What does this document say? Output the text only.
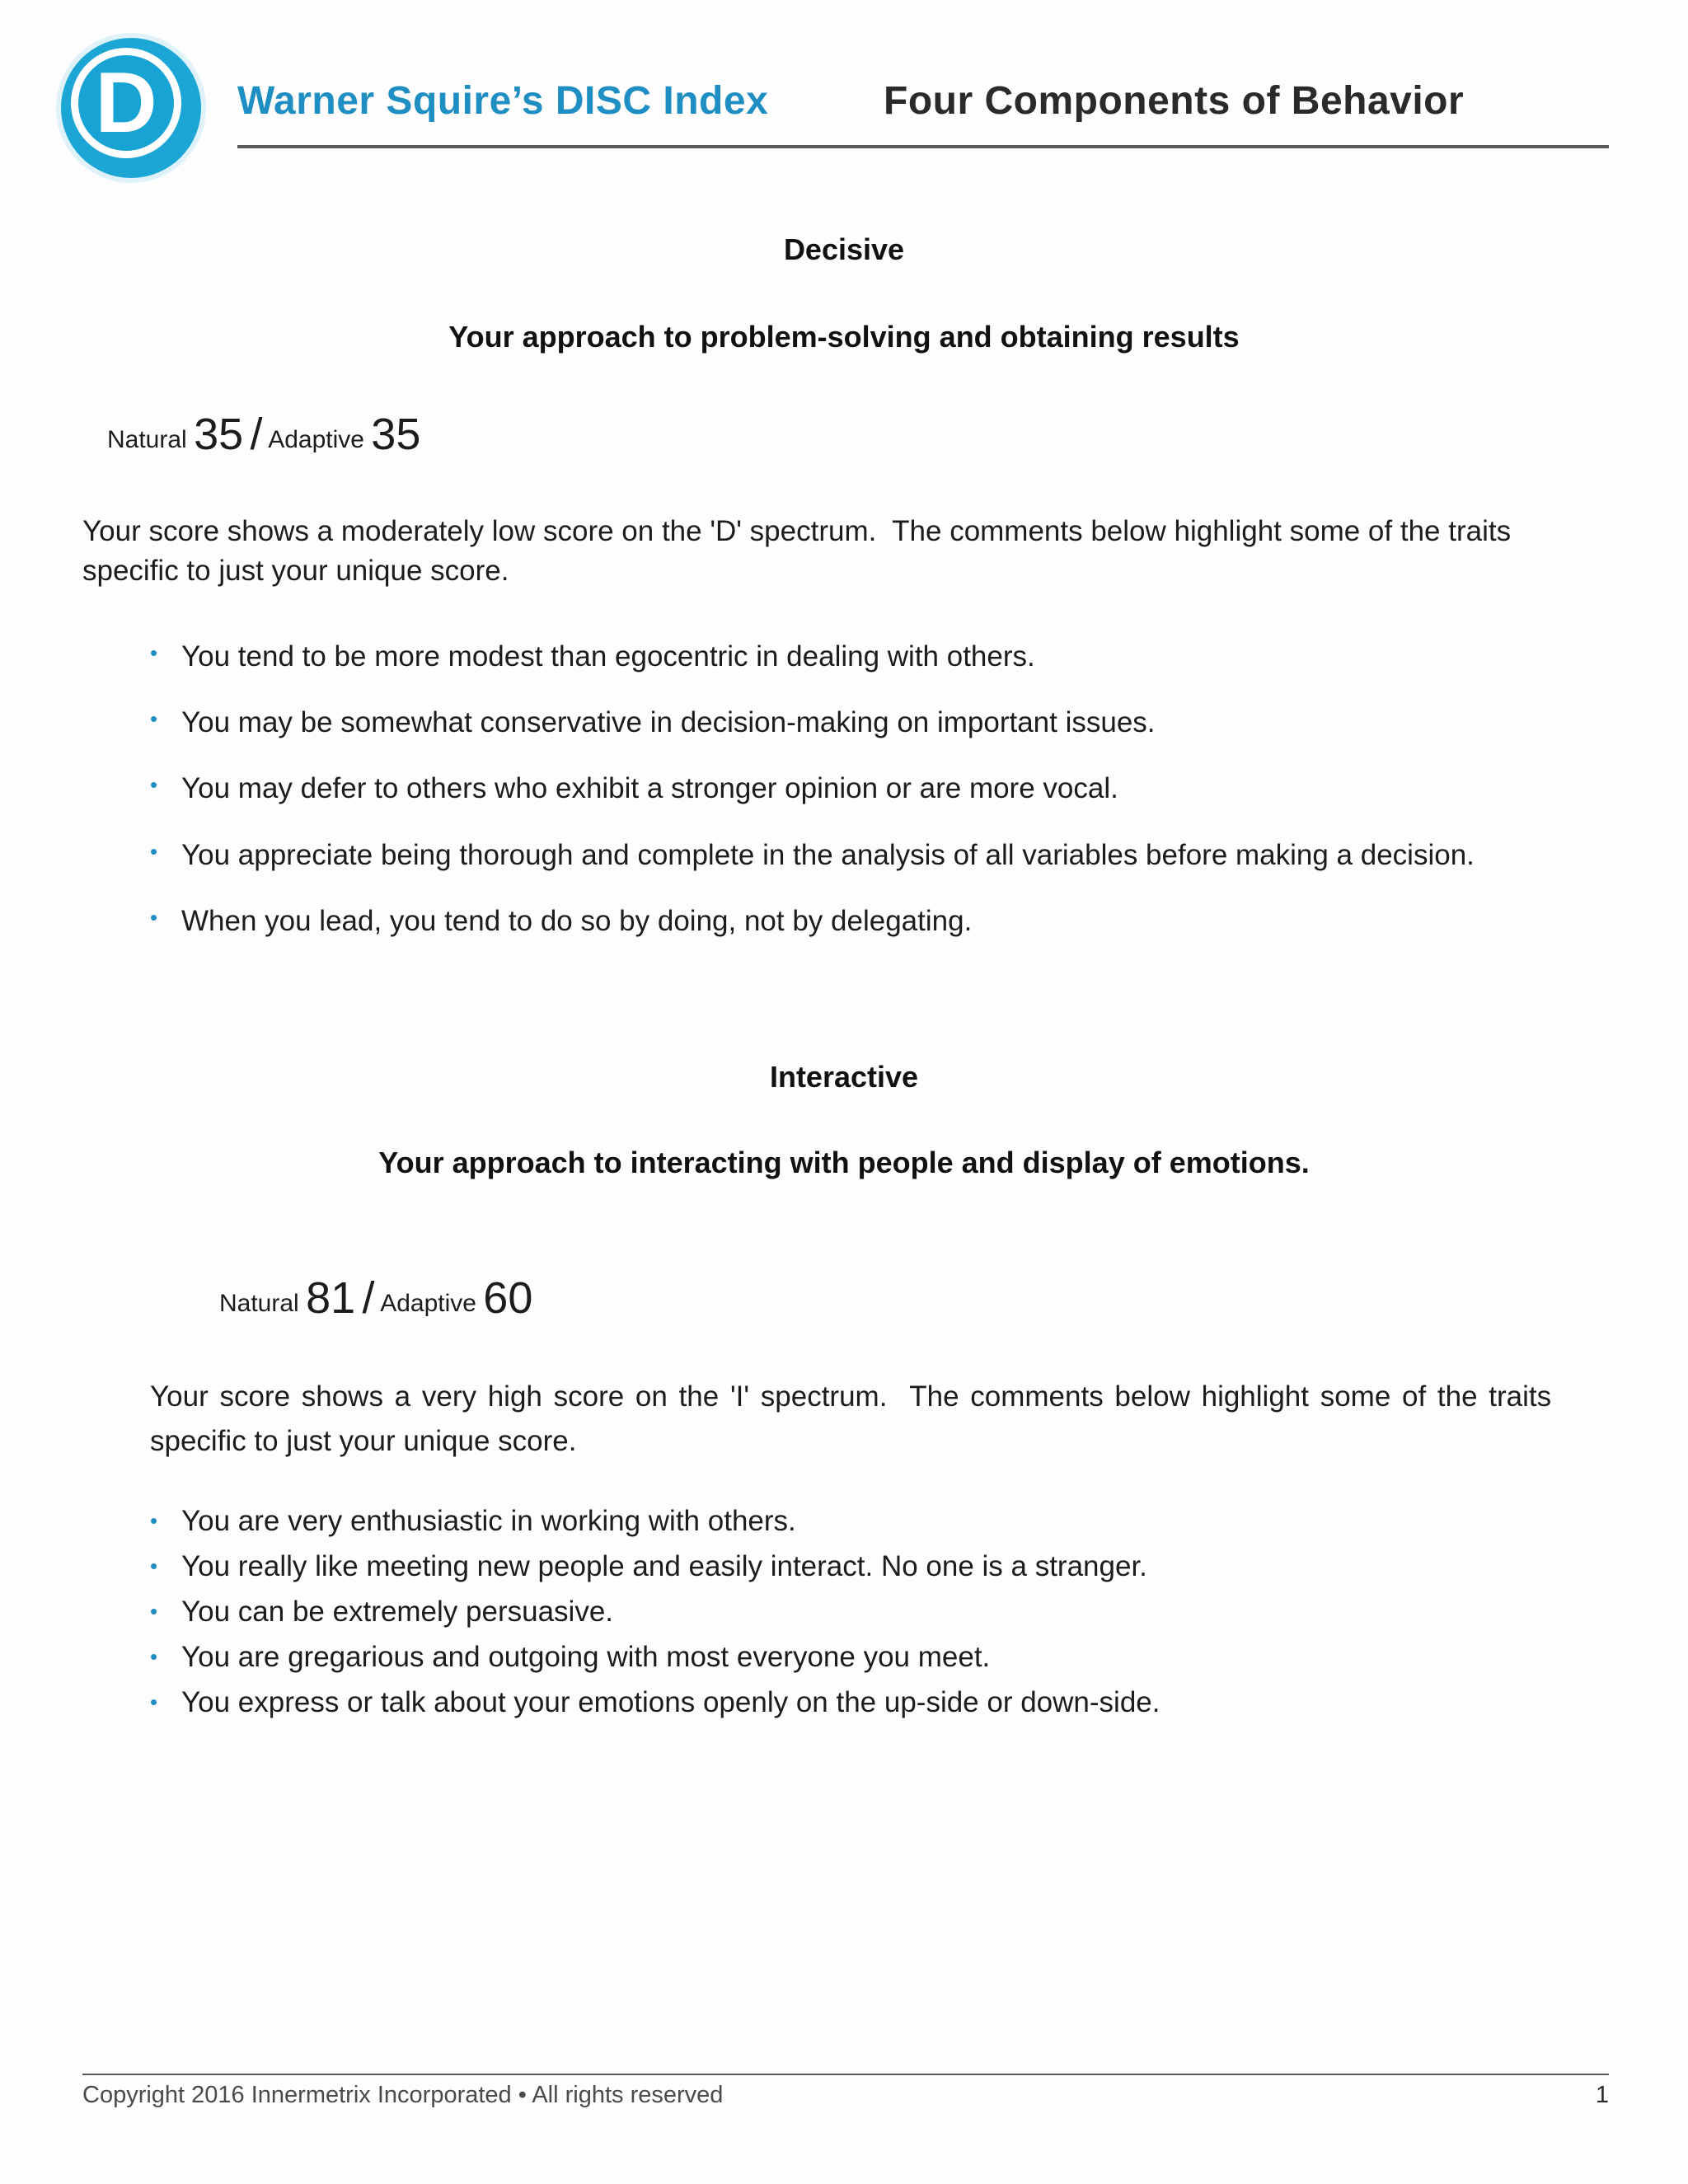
D	Warner Squire’s DISC Index	Four Components of Behavior
Decisive
Your approach to problem-solving and obtaining results
Natural 35 / Adaptive 35
Your score shows a moderately low score on the 'D' spectrum.  The comments below highlight some of the traits
specific to just your unique score.
• You tend to be more modest than egocentric in dealing with others.
• You may be somewhat conservative in decision-making on important issues.
• You may defer to others who exhibit a stronger opinion or are more vocal.
• You appreciate being thorough and complete in the analysis of all variables before making a decision.
• When you lead, you tend to do so by doing, not by delegating.
Interactive
Your approach to interacting with people and display of emotions.
Natural 81 / Adaptive 60
Your score shows a very high score on the 'I' spectrum.  The comments below highlight some of the traits
specific to just your unique score.
• You are very enthusiastic in working with others.
• You really like meeting new people and easily interact. No one is a stranger.
• You can be extremely persuasive.
• You are gregarious and outgoing with most everyone you meet.
• You express or talk about your emotions openly on the up-side or down-side.
Copyright 2016 Innermetrix Incorporated • All rights reserved	1
